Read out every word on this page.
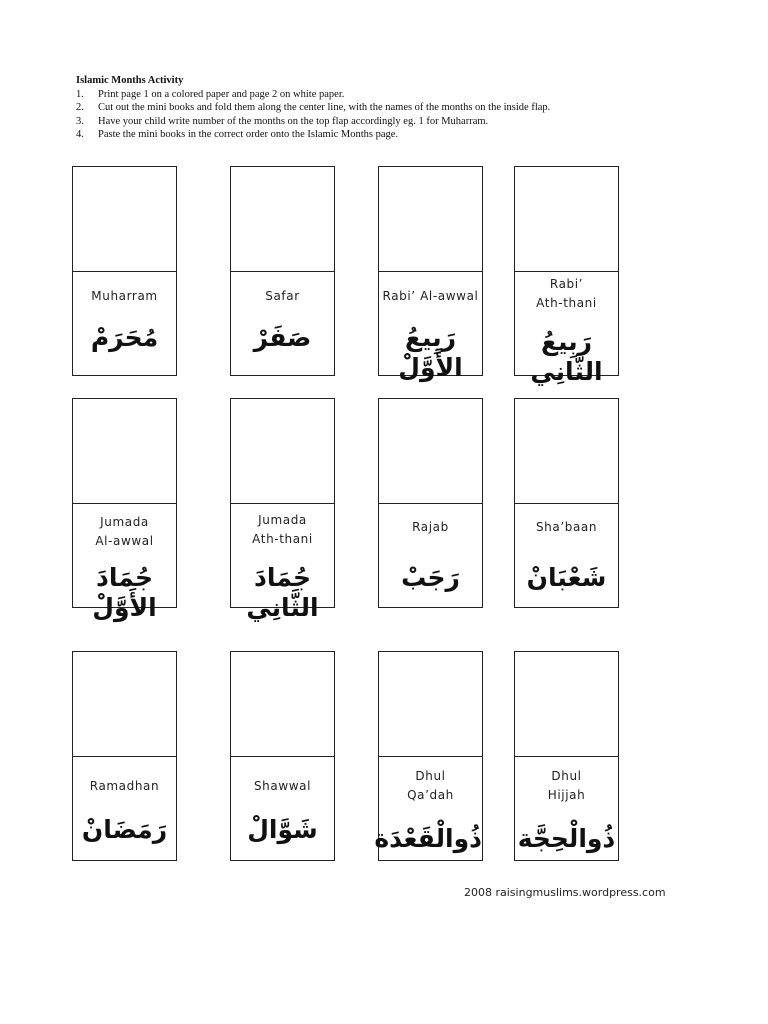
Islamic Months Activity
1.	Print page 1 on a colored paper and page 2 on white paper.
2.	Cut out the mini books and fold them along the center line, with the names of the months on the inside flap.
3.	Have your child write number of the months on the top flap accordingly eg. 1 for Muharram.
4.	Paste the mini books in the correct order onto the Islamic Months page.
Muharram
مُحَرَمْ
Safar
صَفَرْ
Rabi’ Al-awwal
رَبِيعُ الأَوَّلْ
Rabi’
Ath-thani
رَبِيعُ الثَّانِي
Jumada
Al-awwal
جُمَادَ الأَوَّلْ
Jumada
Ath-thani
جُمَادَ الثَّانِي
Rajab
رَجَبْ
Sha’baan
شَعْبَانْ
Ramadhan
رَمَضَانْ
Shawwal
شَوَّالْ
Dhul
Qa’dah
ذُوالْقَعْدَة
Dhul
Hijjah
ذُوالْحِجَّة
2008 raisingmuslims.wordpress.com
